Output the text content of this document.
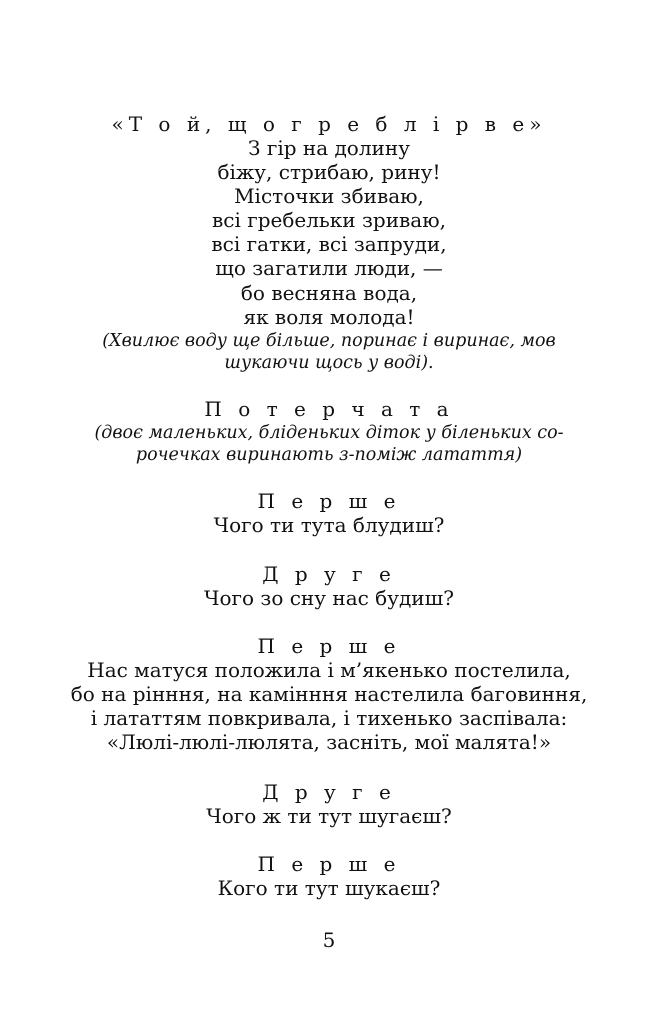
«Т о й, щ о г р е б л і р в е»
З гір на долину
біжу, стрибаю, рину!
Місточки збиваю,
всі гребельки зриваю,
всі гатки, всі запруди,
що загатили люди, —
бо весняна вода,
як воля молода!
(Хвилює воду ще більше, поринає і виринає, мов
шукаючи щось у воді).
П о т е р ч а т а
(двоє маленьких, бліденьких діток у біленьких со-
рочечках виринають з-поміж латаття)
П е р ш е
Чого ти тута блудиш?
Д р у г е
Чого зо сну нас будиш?
П е р ш е
Нас матуся положила і м’якенько постелила,
бо на рінння, на камінння настелила баговиння,
і лататтям повкривала, і тихенько заспівала:
«Люлі-люлі-люлята, засніть, мої малята!»
Д р у г е
Чого ж ти тут шугаєш?
П е р ш е
Кого ти тут шукаєш?
5
